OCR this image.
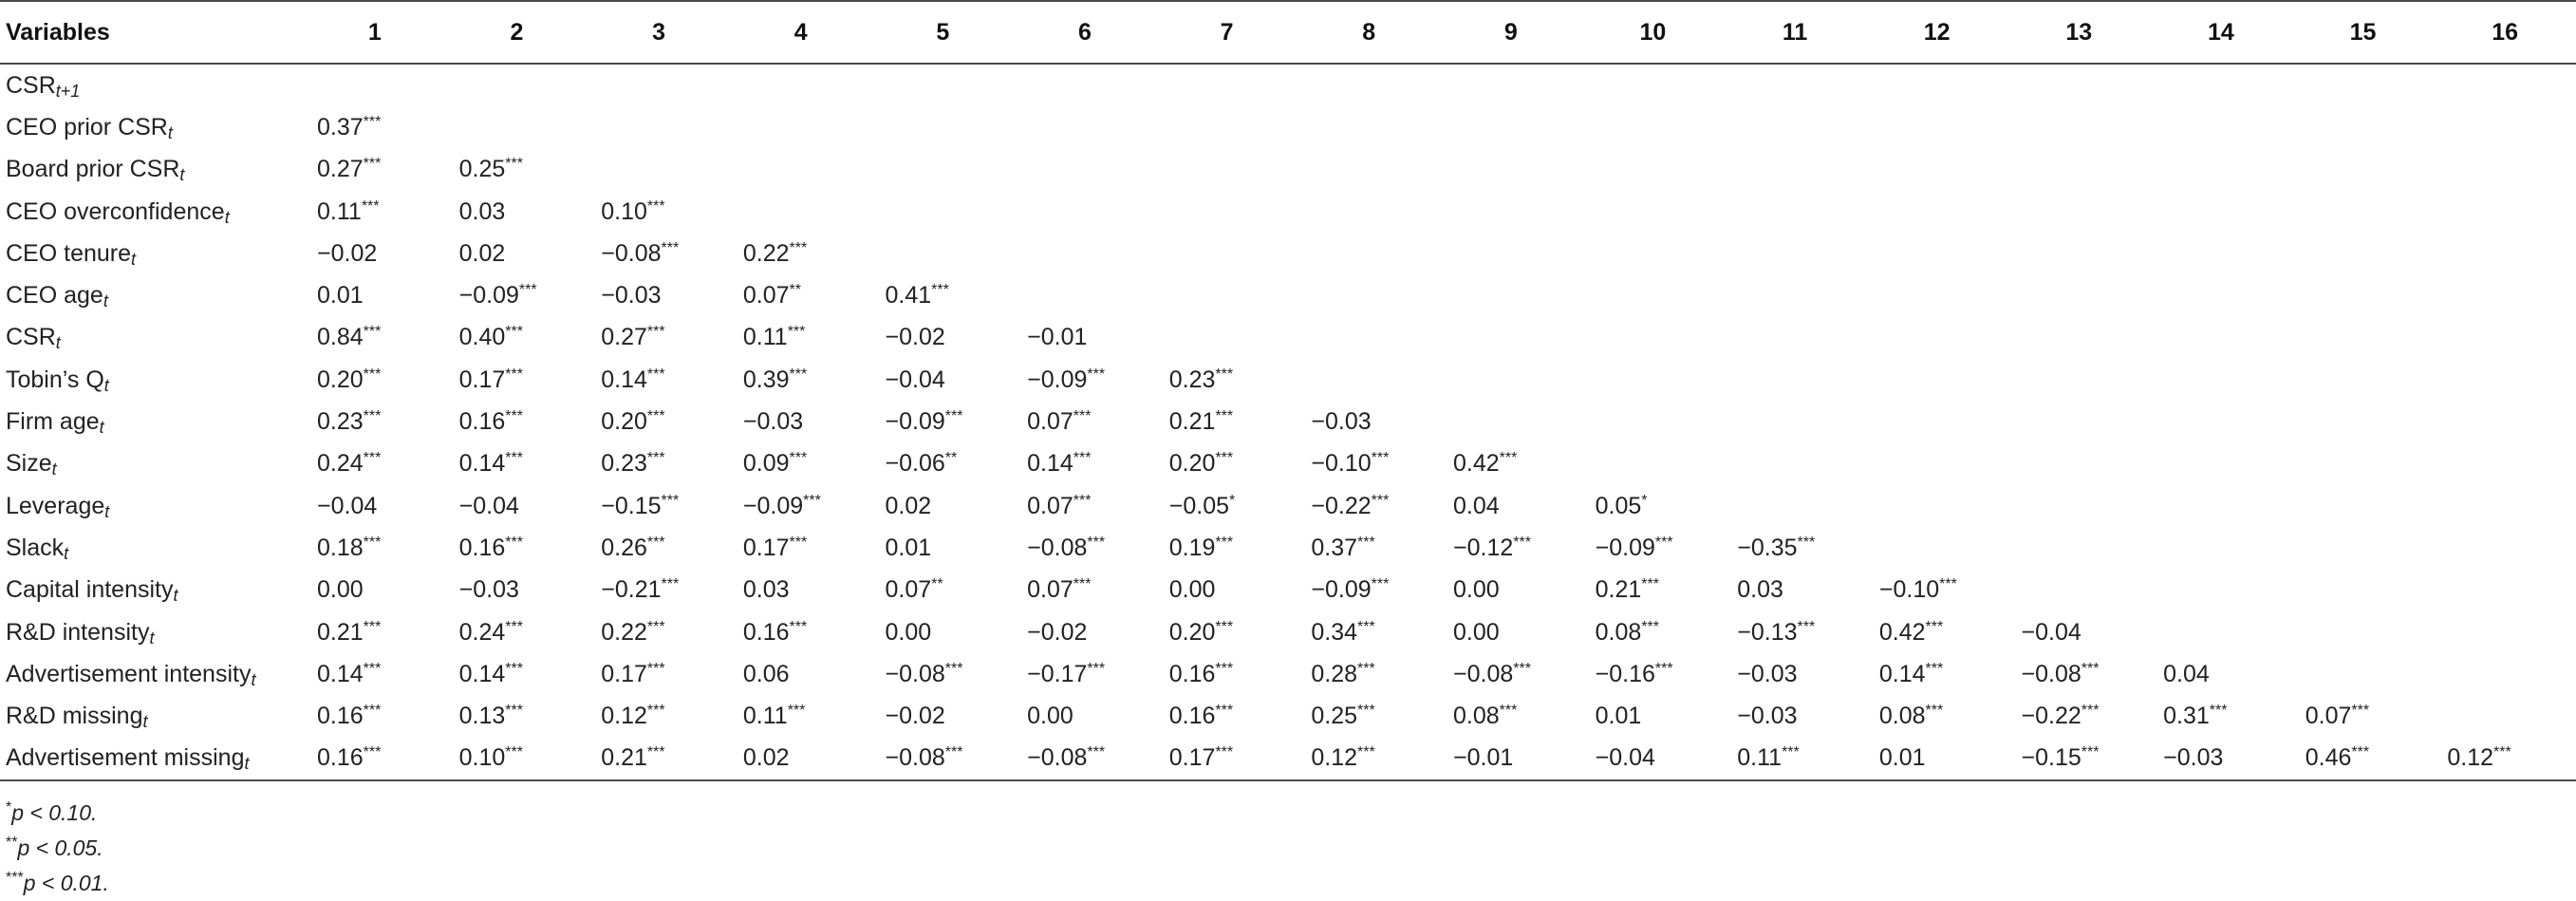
Variables	1	2	3	4	5	6	7	8	9	10	11	12	13	14	15	16
$CSR_{t+1}$																
CEO prior $CSR_t$	0.37***															
Board prior $CSR_t$	0.27***	0.25***														
CEO overconfidence$_t$	0.11***	0.03	0.10***													
CEO tenure$_t$	−0.02	0.02	−0.08***	0.22***												
CEO age$_t$	0.01	−0.09***	−0.03	0.07**	0.41***											
$CSR_t$	0.84***	0.40***	0.27***	0.11***	−0.02	−0.01										
Tobin’s $Q_t$	0.20***	0.17***	0.14***	0.39***	−0.04	−0.09***	0.23***									
Firm age$_t$	0.23***	0.16***	0.20***	−0.03	−0.09***	0.07***	0.21***	−0.03								
Size$_t$	0.24***	0.14***	0.23***	0.09***	−0.06**	0.14***	0.20***	−0.10***	0.42***							
Leverage$_t$	−0.04	−0.04	−0.15***	−0.09***	0.02	0.07***	−0.05*	−0.22***	0.04	0.05*						
Slack$_t$	0.18***	0.16***	0.26***	0.17***	0.01	−0.08***	0.19***	0.37***	−0.12***	−0.09***	−0.35***					
Capital intensity$_t$	0.00	−0.03	−0.21***	0.03	0.07**	0.07***	0.00	−0.09***	0.00	0.21***	0.03	−0.10***				
R&D intensity$_t$	0.21***	0.24***	0.22***	0.16***	0.00	−0.02	0.20***	0.34***	0.00	0.08***	−0.13***	0.42***	−0.04			
Advertisement intensity$_t$	0.14***	0.14***	0.17***	0.06	−0.08***	−0.17***	0.16***	0.28***	−0.08***	−0.16***	−0.03	0.14***	−0.08***	0.04		
R&D missing$_t$	0.16***	0.13***	0.12***	0.11***	−0.02	0.00	0.16***	0.25***	0.08***	0.01	−0.03	0.08***	−0.22***	0.31***	0.07***	
Advertisement missing$_t$	0.16***	0.10***	0.21***	0.02	−0.08***	−0.08***	0.17***	0.12***	−0.01	−0.04	0.11***	0.01	−0.15***	−0.03	0.46***	0.12***
*p < 0.10.
**p < 0.05.
***p < 0.01.
